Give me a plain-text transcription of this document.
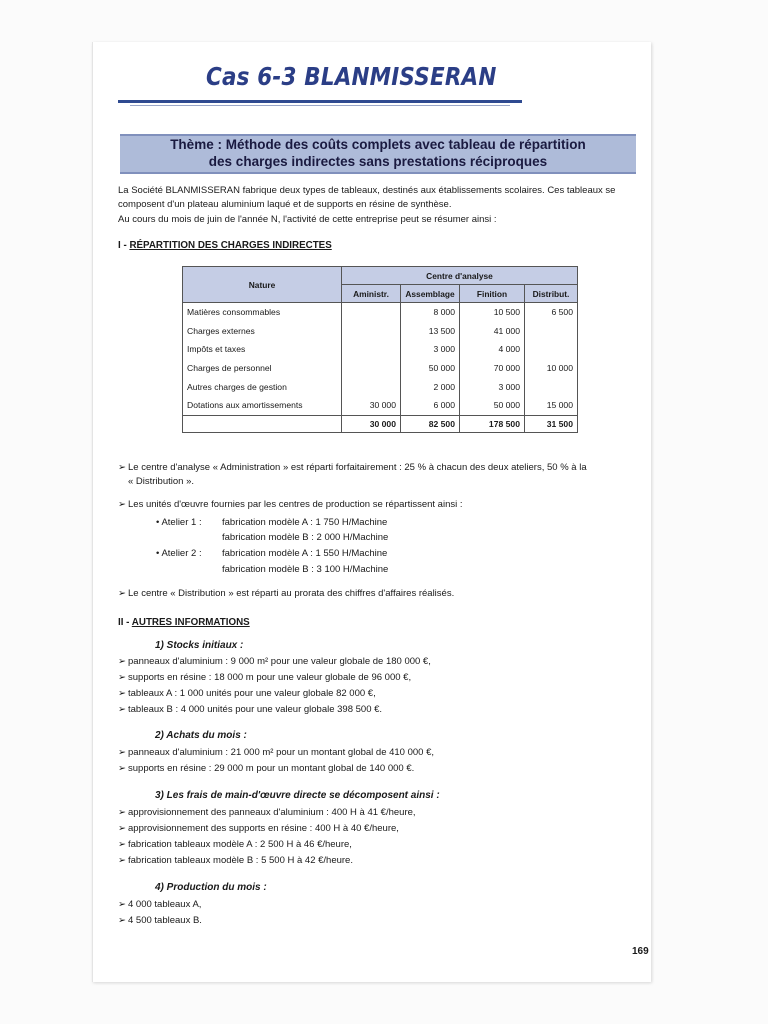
Cas 6-3 BLANMISSERAN
Thème : Méthode des coûts complets avec tableau de répartition
des charges indirectes sans prestations réciproques
La Société BLANMISSERAN fabrique deux types de tableaux, destinés aux établissements scolaires. Ces tableaux se
composent d'un plateau aluminium laqué et de supports en résine de synthèse.
Au cours du mois de juin de l'année N, l'activité de cette entreprise peut se résumer ainsi :
I - RÉPARTITION DES CHARGES INDIRECTES
Nature	Centre d'analyse			
	Aministr.	Assemblage	Finition	Distribut.
Matières consommables		8 000	10 500	6 500
Charges externes		13 500	41 000	
Impôts et taxes		3 000	4 000	
Charges de personnel		50 000	70 000	10 000
Autres charges de gestion		2 000	3 000	
Dotations aux amortissements	30 000	6 000	50 000	15 000
	30 000	82 500	178 500	31 500
➢ Le centre d'analyse « Administration » est réparti forfaitairement : 25 % à chacun des deux ateliers, 50 % à la
« Distribution ».
➢ Les unités d'œuvre fournies par les centres de production se répartissent ainsi :
• Atelier 1 : fabrication modèle A : 1 750 H/Machine
fabrication modèle B : 2 000 H/Machine
• Atelier 2 : fabrication modèle A : 1 550 H/Machine
fabrication modèle B : 3 100 H/Machine
➢ Le centre « Distribution » est réparti au prorata des chiffres d'affaires réalisés.
II - AUTRES INFORMATIONS
1) Stocks initiaux :
➢ panneaux d'aluminium : 9 000 m² pour une valeur globale de 180 000 €,
➢ supports en résine : 18 000 m pour une valeur globale de 96 000 €,
➢ tableaux A : 1 000 unités pour une valeur globale 82 000 €,
➢ tableaux B : 4 000 unités pour une valeur globale 398 500 €.
2) Achats du mois :
➢ panneaux d'aluminium : 21 000 m² pour un montant global de 410 000 €,
➢ supports en résine : 29 000 m pour un montant global de 140 000 €.
3) Les frais de main-d'œuvre directe se décomposent ainsi :
➢ approvisionnement des panneaux d'aluminium : 400 H à 41 €/heure,
➢ approvisionnement des supports en résine : 400 H à 40 €/heure,
➢ fabrication tableaux modèle A : 2 500 H à 46 €/heure,
➢ fabrication tableaux modèle B : 5 500 H à 42 €/heure.
4) Production du mois :
➢ 4 000 tableaux A,
➢ 4 500 tableaux B.
169
